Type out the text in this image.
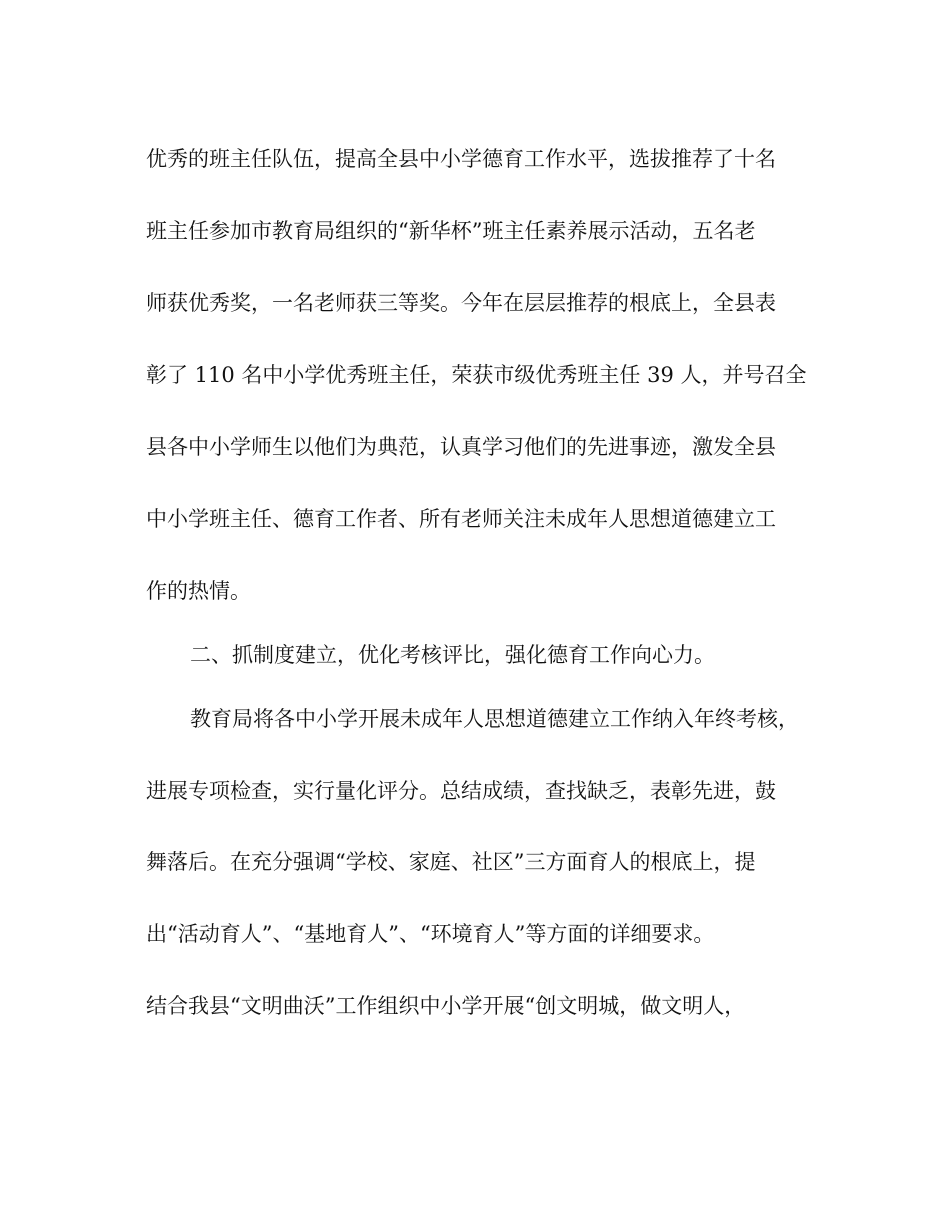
优秀的班主任队伍，提高全县中小学德育工作水平，选拔推荐了十名

班主任参加市教育局组织的“新华杯”班主任素养展示活动，五名老

师获优秀奖，一名老师获三等奖。今年在层层推荐的根底上，全县表

彰了 110 名中小学优秀班主任，荣获市级优秀班主任 39 人，并号召全

县各中小学师生以他们为典范，认真学习他们的先进事迹，激发全县

中小学班主任、德育工作者、所有老师关注未成年人思想道德建立工

作的热情。

二、抓制度建立，优化考核评比，强化德育工作向心力。

教育局将各中小学开展未成年人思想道德建立工作纳入年终考核，

进展专项检查，实行量化评分。总结成绩，查找缺乏，表彰先进，鼓

舞落后。在充分强调“学校、家庭、社区”三方面育人的根底上，提

出“活动育人”、“基地育人”、“环境育人”等方面的详细要求。

结合我县“文明曲沃”工作组织中小学开展“创文明城，做文明人，
